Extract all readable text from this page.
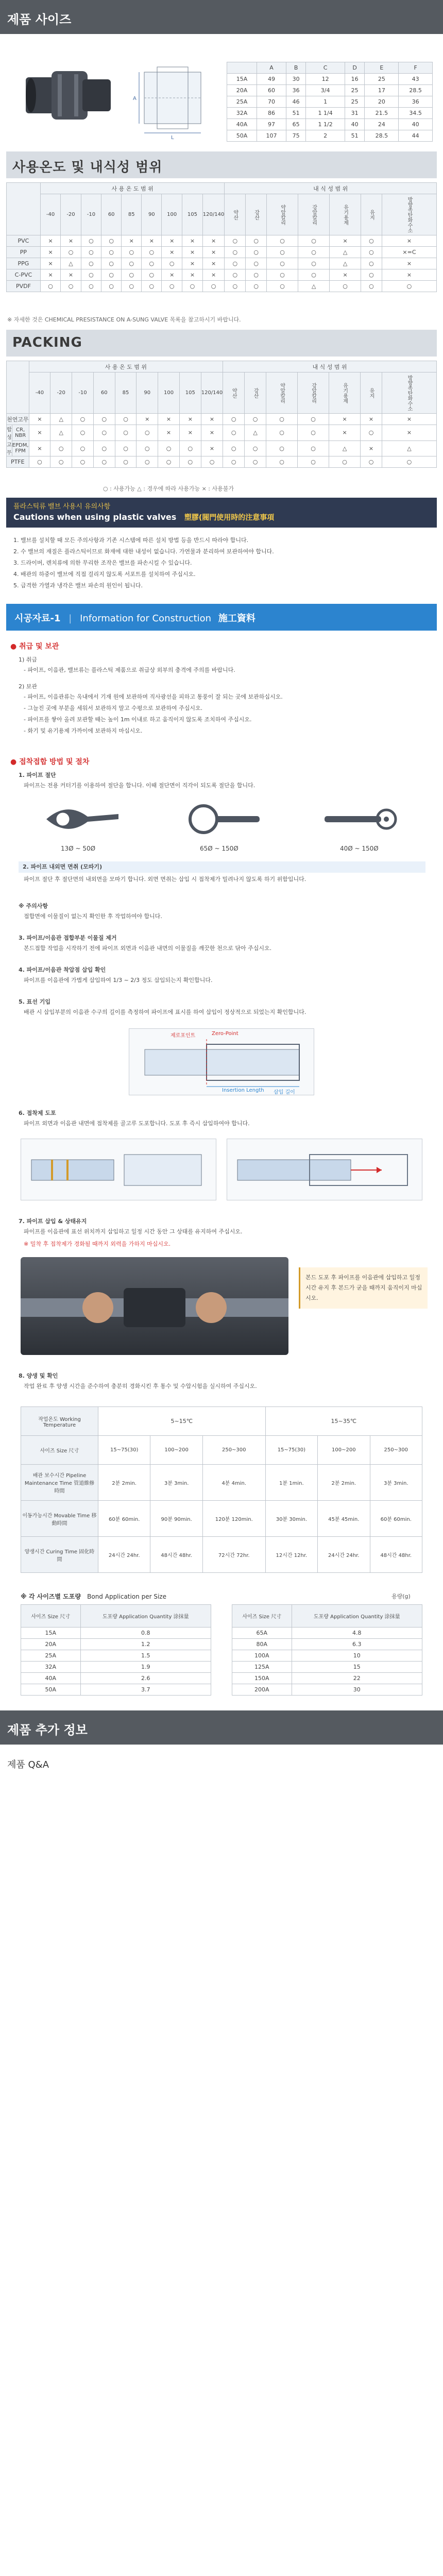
제품 사이즈
A
L
	A	B	C	D	E	F
15A	49	30	12	16	25	43
20A	60	36	3/4	25	17	28.5
25A	70	46	1	25	20	36
32A	86	51	1 1/4	31	21.5	34.5
40A	97	65	1 1/2	40	24	40
50A	107	75	2	51	28.5	44
사용온도 및 내식성 범위
	사 용 온 도 범 위									내 식 성 범 위						
	-40	-20	-10	60	85	90	100	105	120/140	약산	강산	약알칼리	강알칼리	유기용제	유지	방향족탄화수소
PVC	×	×	○	○	×	×	×	×	×	○	○	○	○	×	○	×
PP	×	○	○	○	○	○	×	×	×	○	○	○	○	△	○	×=C
PPG	×	△	○	○	○	○	○	×	×	○	○	○	○	△	○	×
C-PVC	×	×	○	○	○	○	×	×	×	○	○	○	○	×	○	×
PVDF	○	○	○	○	○	○	○	○	○	○	○	○	△	○	○	○
※ 자세한 것은 CHEMICAL PRESISTANCE ON A-SUNG VALVE 목록을 참고하시기 바랍니다.
PACKING
		사 용 온 도 범 위									내 식 성 범 위						
		-40	-20	-10	60	85	90	100	105	120/140	약산	강산	약알칼리	강알칼리	유기용제	유지	방향족탄화수소
천연고무		×	△	○	○	○	×	×	×	×	○	○	○	○	×	×	×
합성고무	CR, NBR	×	△	○	○	○	○	×	×	×	○	△	○	○	×	○	×
	EPDM, FPM	×	○	○	○	○	○	○	○	×	○	○	○	○	△	×	△
PTFE		○	○	○	○	○	○	○	○	○	○	○	○	○	○	○	○
○ : 사용가능 △ : 경우에 따라 사용가능 × : 사용불가
플라스틱류 밸브 사용시 유의사항
Cautions when using plastic valves 塑膠(閥門使用時的注意事項
1. 밸브를 설치할 때 모든 주의사항과 기존 시스템에 따른 설치 방법 등을 반드시 따라야 합니다.
2. 수 밸브의 재질은 플라스틱이므로 화재에 대한 내성이 없습니다. 가연물과 분리하여 보관하여야 합니다.
3. 드라이버, 렌치류에 의한 무리한 조작은 밸브를 파손시킬 수 있습니다.
4. 배관의 하중이 밸브에 직접 걸리지 않도록 서포트를 설치하여 주십시오.
5. 급격한 가열과 냉각은 밸브 파손의 원인이 됩니다.
시공자료-1 | Information for Construction 施工資料
● 취급 및 보관
1) 취급
- 파이프, 이음관, 밸브류는 플라스틱 제품으로 취급상 외부의 충격에 주의를 바랍니다.
2) 보관
- 파이프, 이음관류는 옥내에서 기재 원에 보관하며 직사광선을 피하고 통풍이 잘 되는 곳에 보관하십시오.
- 그늘진 곳에 부분을 세워서 보관하지 말고 수평으로 보관하여 주십시오.
- 파이프를 쌓아 올려 보관할 때는 높이 1m 이내로 하고 움직이지 않도록 조치하여 주십시오.
- 화기 및 유기용제 가까이에 보관하지 마십시오.
● 접착접합 방법 및 절차
1. 파이프 절단
파이프는 전용 커터기를 이용하여 절단을 합니다. 이때 절단면이 직각이 되도록 절단을 합니다.
13Ø ~ 50Ø	65Ø ~ 150Ø	40Ø ~ 150Ø
2. 파이프 내외면 면취 (모따기)
파이프 절단 후 절단면의 내외면을 모따기 합니다. 외면 면취는 삽입 시 접착제가 밀려나지 않도록 하기 위함입니다.
※ 주의사항
접합면에 이물질이 없는지 확인한 후 작업하여야 합니다.
3. 파이프/이음관 접합부분 이물질 제거
본드접합 작업을 시작하기 전에 파이프 외면과 이음관 내면의 이물질을 깨끗한 천으로 닦아 주십시오.
4. 파이프/이음관 착압점 삽입 확인
파이프를 이음관에 가볍게 삽입하여 1/3 ~ 2/3 정도 삽입되는지 확인합니다.
5. 표선 기입
배관 시 삽입부분의 이음관 수구의 길이를 측정하여 파이프에 표시를 하여 삽입이 정상적으로 되었는지 확인합니다.
제로포인트	Zero-Point
Insertion Length 삽입 길이
6. 접착제 도포
파이프 외면과 이음관 내면에 접착제를 골고루 도포합니다. 도포 후 즉시 삽입하여야 합니다.
7. 파이프 삽입 & 상태유지
파이프를 이음관에 표선 위치까지 삽입하고 일정 시간 동안 그 상태를 유지하여 주십시오.
※ 밀착 후 접착제가 경화될 때까지 외력을 가하지 마십시오.
본드 도포 후 파이프를 이음관에 삽입하고 일정시간 유지 후 본드가 굳을 때까지 움직이지 마십시오.
8. 양생 및 확인
작업 완료 후 양생 시간을 준수하여 충분히 경화시킨 후 통수 및 수압시험을 실시하여 주십시오.
작업온도 Working Temperature	5~15℃			15~35℃		
사이즈 Size 尺寸	15~75(30)	100~200	250~300	15~75(30)	100~200	250~300
배관 보수시간 Pipeline Maintenance Time 管道維修時間	2분 2min.	3분 3min.	4분 4min.	1분 1min.	2분 2min.	3분 3min.
이동가능시간 Movable Time 移動時間	60분 60min.	90분 90min.	120분 120min.	30분 30min.	45분 45min.	60분 60min.
양생시간 Curing Time 固化時間	24시간 24hr.	48시간 48hr.	72시간 72hr.	12시간 12hr.	24시간 24hr.	48시간 48hr.
※ 각 사이즈별 도포량 Bond Application per Size	용량(g)
사이즈 Size 尺寸	도포량 Application Quantity 涂抹量
15A	0.8
20A	1.2
25A	1.5
32A	1.9
40A	2.6
50A	3.7
사이즈 Size 尺寸	도포량 Application Quantity 涂抹量
65A	4.8
80A	6.3
100A	10
125A	15
150A	22
200A	30
제품 추가 정보
제품 Q&A
